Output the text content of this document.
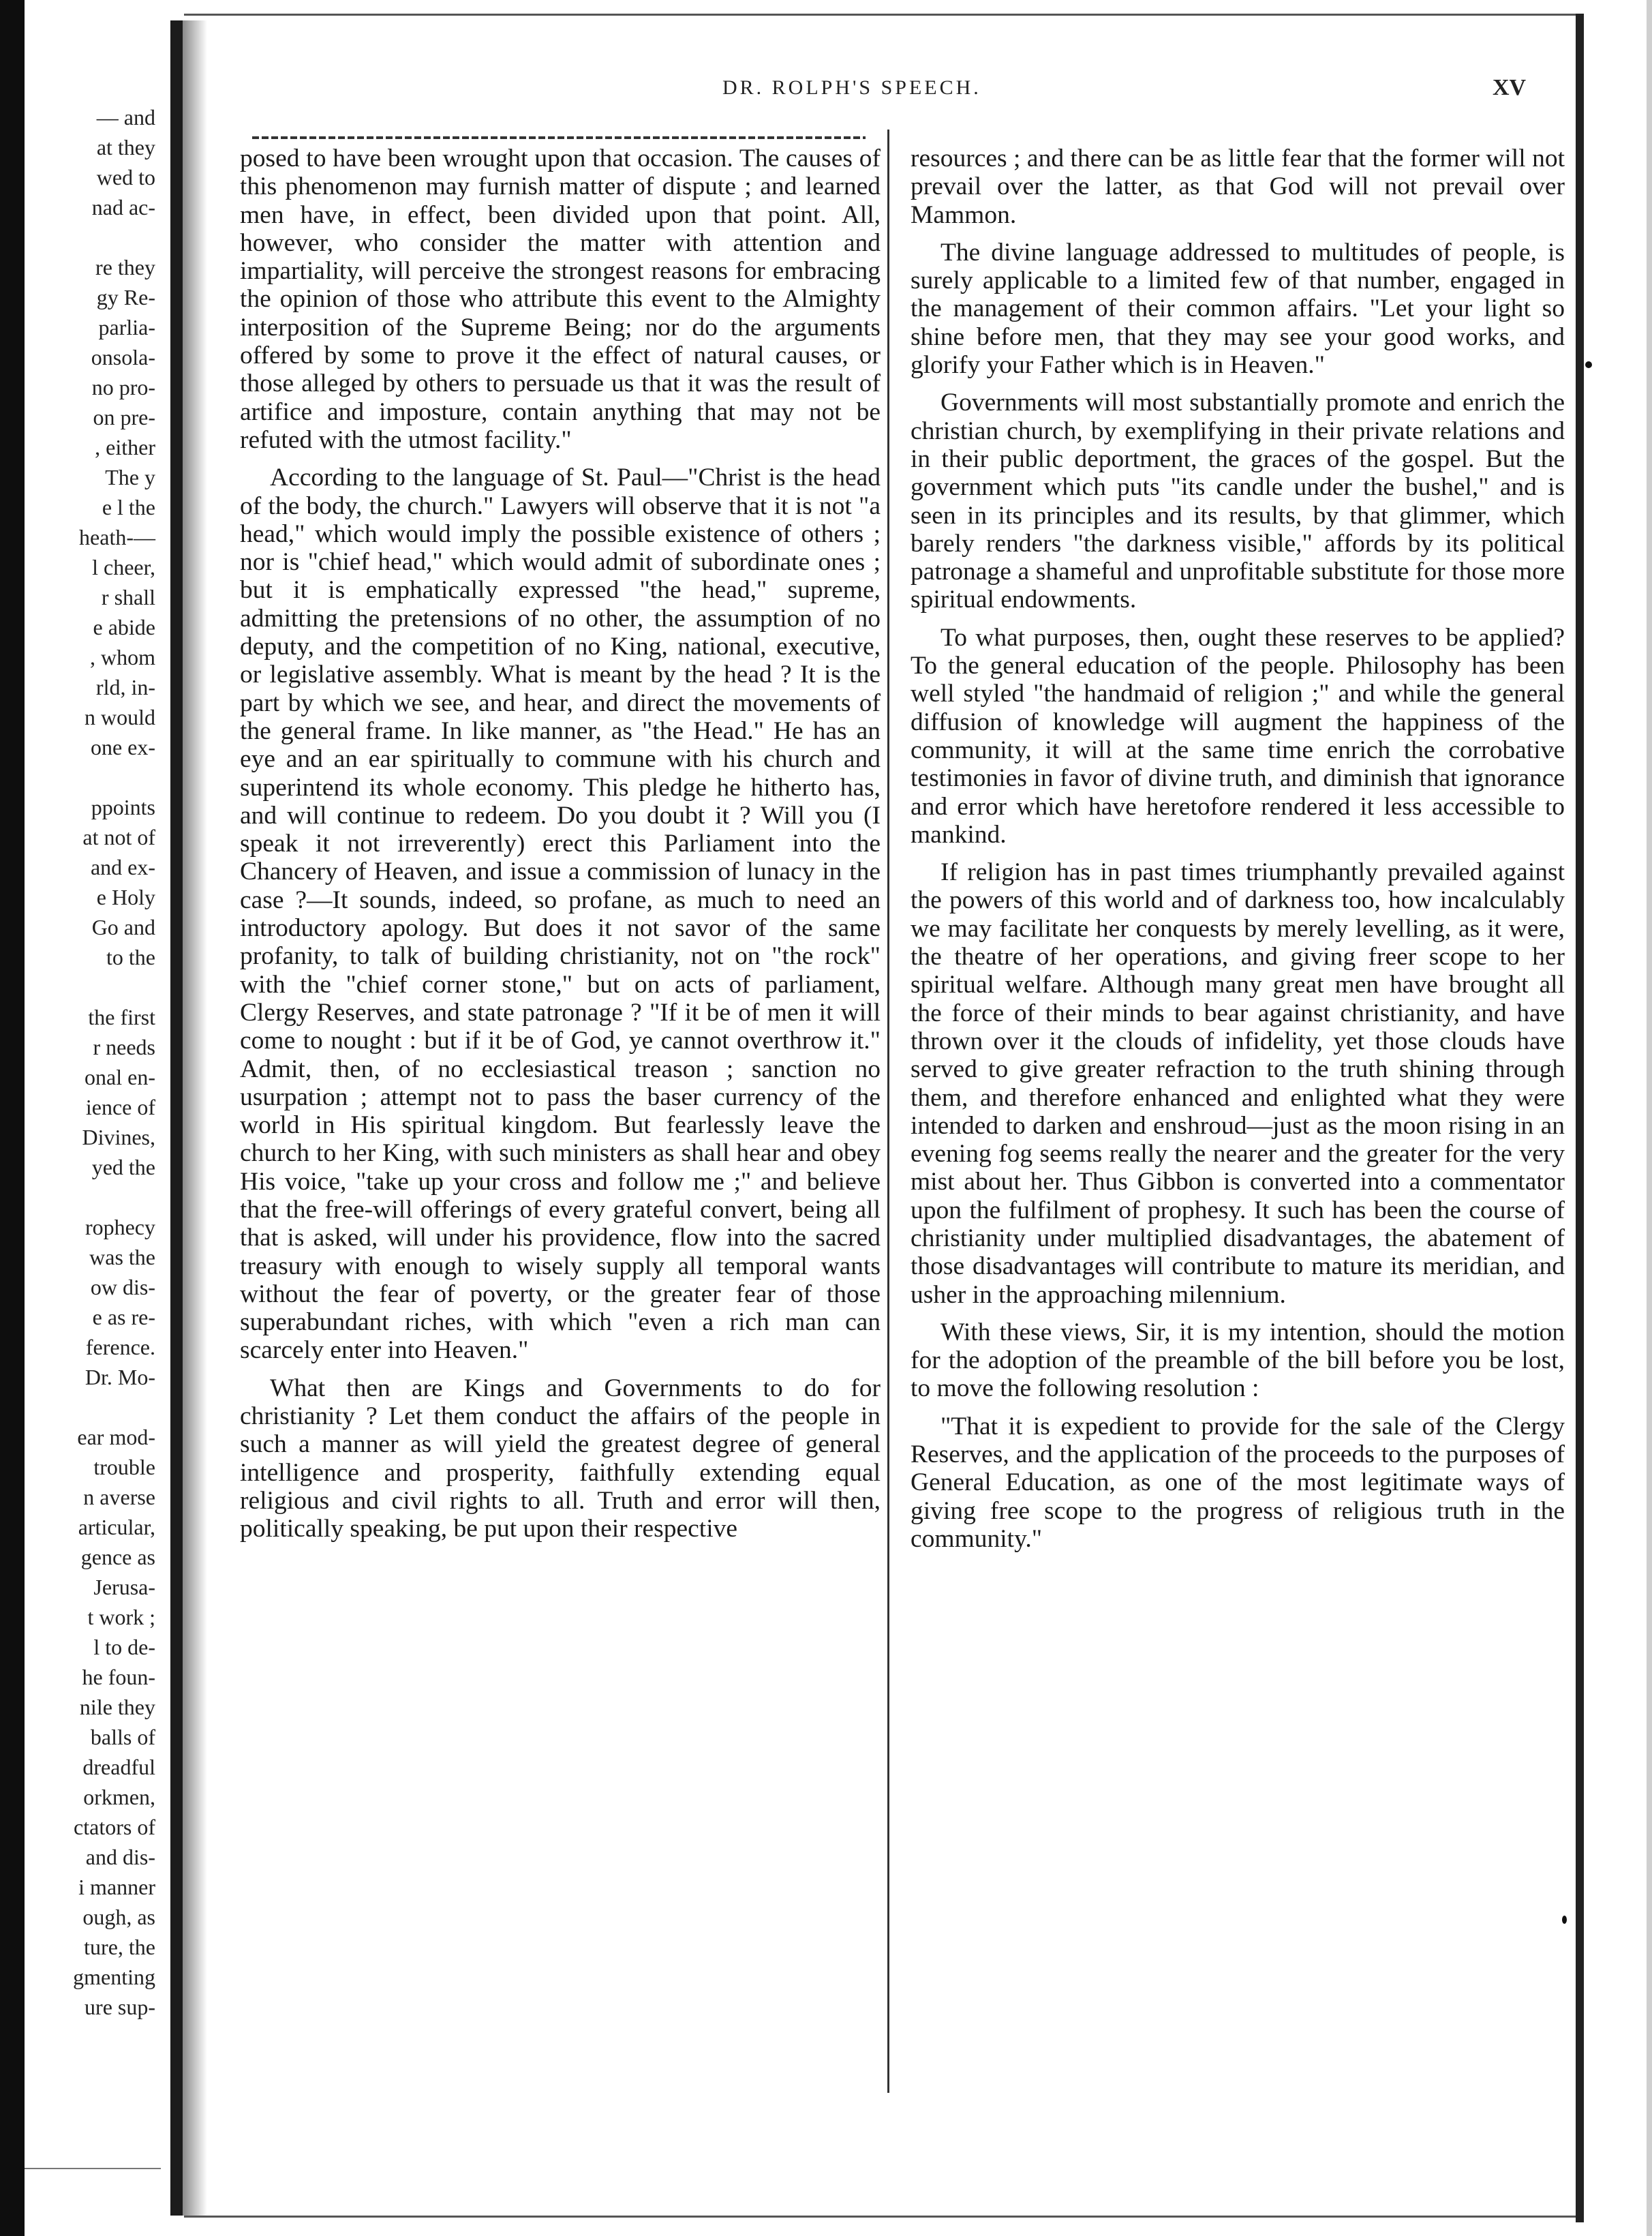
— and
at they
wed to
nad ac-
re they
gy Re-
parlia-
onsola-
no pro-
on pre-
, either
The y
e l the
heath-—
l cheer,
r shall
e abide
, whom
rld, in-
n would
one ex-
ppoints
at not of
and ex-
e Holy
Go and
to the
the first
r needs
onal en-
ience of
Divines,
yed the
rophecy
was the
ow dis-
e as re-
ference.
Dr. Mo-
ear mod-
trouble
n averse
articular,
gence as
Jerusa-
t work ;
l to de-
he foun-
nile they
balls of
dreadful
orkmen,
ctators of
and dis-
i manner
ough, as
ture, the
gmenting
ure sup-
DR. ROLPH'S SPEECH.	XV

posed to have been wrought upon that occasion. The causes of this phenomenon may furnish matter of dispute ; and learned men have, in effect, been divided upon that point. All, however, who consider the matter with attention and impartiality, will perceive the strongest reasons for embracing the opinion of those who attribute this event to the Almighty interposition of the Supreme Being; nor do the arguments offered by some to prove it the effect of natural causes, or those alleged by others to persuade us that it was the result of artifice and imposture, contain anything that may not be refuted with the utmost facility."

According to the language of St. Paul—"Christ is the head of the body, the church." Lawyers will observe that it is not "a head," which would imply the possible existence of others ; nor is "chief head," which would admit of subordinate ones ; but it is emphatically expressed "the head," supreme, admitting the pretensions of no other, the assumption of no deputy, and the competition of no King, national, executive, or legislative assembly. What is meant by the head ? It is the part by which we see, and hear, and direct the movements of the general frame. In like manner, as "the Head." He has an eye and an ear spiritually to commune with his church and superintend its whole economy. This pledge he hitherto has, and will continue to redeem. Do you doubt it ? Will you (I speak it not irreverently) erect this Parliament into the Chancery of Heaven, and issue a commission of lunacy in the case ?—It sounds, indeed, so profane, as much to need an introductory apology. But does it not savor of the same profanity, to talk of building christianity, not on "the rock" with the "chief corner stone," but on acts of parliament, Clergy Reserves, and state patronage ? "If it be of men it will come to nought : but if it be of God, ye cannot overthrow it." Admit, then, of no ecclesiastical treason ; sanction no usurpation ; attempt not to pass the baser currency of the world in His spiritual kingdom. But fearlessly leave the church to her King, with such ministers as shall hear and obey His voice, "take up your cross and follow me ;" and believe that the free-will offerings of every grateful convert, being all that is asked, will under his providence, flow into the sacred treasury with enough to wisely supply all temporal wants without the fear of poverty, or the greater fear of those superabundant riches, with which "even a rich man can scarcely enter into Heaven."

What then are Kings and Governments to do for christianity ? Let them conduct the affairs of the people in such a manner as will yield the greatest degree of general intelligence and prosperity, faithfully extending equal religious and civil rights to all. Truth and error will then, politically speaking, be put upon their respective

resources ; and there can be as little fear that the former will not prevail over the latter, as that God will not prevail over Mammon.

The divine language addressed to multitudes of people, is surely applicable to a limited few of that number, engaged in the management of their common affairs. "Let your light so shine before men, that they may see your good works, and glorify your Father which is in Heaven."

Governments will most substantially promote and enrich the christian church, by exemplifying in their private relations and in their public deportment, the graces of the gospel. But the government which puts "its candle under the bushel," and is seen in its principles and its results, by that glimmer, which barely renders "the darkness visible," affords by its political patronage a shameful and unprofitable substitute for those more spiritual endowments.

To what purposes, then, ought these reserves to be applied? To the general education of the people. Philosophy has been well styled "the handmaid of religion ;" and while the general diffusion of knowledge will augment the happiness of the community, it will at the same time enrich the corrobative testimonies in favor of divine truth, and diminish that ignorance and error which have heretofore rendered it less accessible to mankind.

If religion has in past times triumphantly prevailed against the powers of this world and of darkness too, how incalculably we may facilitate her conquests by merely levelling, as it were, the theatre of her operations, and giving freer scope to her spiritual welfare. Although many great men have brought all the force of their minds to bear against christianity, and have thrown over it the clouds of infidelity, yet those clouds have served to give greater refraction to the truth shining through them, and therefore enhanced and enlighted what they were intended to darken and enshroud—just as the moon rising in an evening fog seems really the nearer and the greater for the very mist about her. Thus Gibbon is converted into a commentator upon the fulfilment of prophesy. It such has been the course of christianity under multiplied disadvantages, the abatement of those disadvantages will contribute to mature its meridian, and usher in the approaching milennium.

With these views, Sir, it is my intention, should the motion for the adoption of the preamble of the bill before you be lost, to move the following resolution :

"That it is expedient to provide for the sale of the Clergy Reserves, and the application of the proceeds to the purposes of General Education, as one of the most legitimate ways of giving free scope to the progress of religious truth in the community."
